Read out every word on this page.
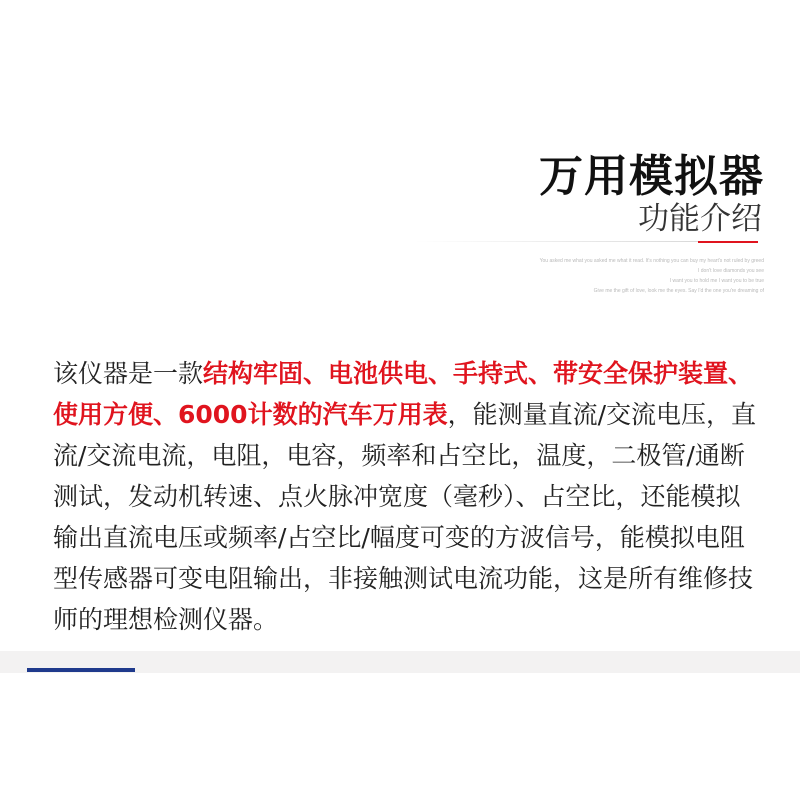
万用模拟器
功能介绍
You asked me what you asked me what it read. It's nothing you can buy my heart's not ruled by greed
I don't love diamonds you see
I want you to hold me I want you to be true
Give me the gift of love, look me the eyes. Say I'd the one you're dreaming of

该仪器是一款结构牢固、电池供电、手持式、带安全保护装置、使用方便、6000计数的汽车万用表，能测量直流/交流电压，直流/交流电流，电阻，电容，频率和占空比，温度，二极管/通断测试，发动机转速、点火脉冲宽度（毫秒）、占空比，还能模拟输出直流电压或频率/占空比/幅度可变的方波信号，能模拟电阻型传感器可变电阻输出，非接触测试电流功能，这是所有维修技师的理想检测仪器。
